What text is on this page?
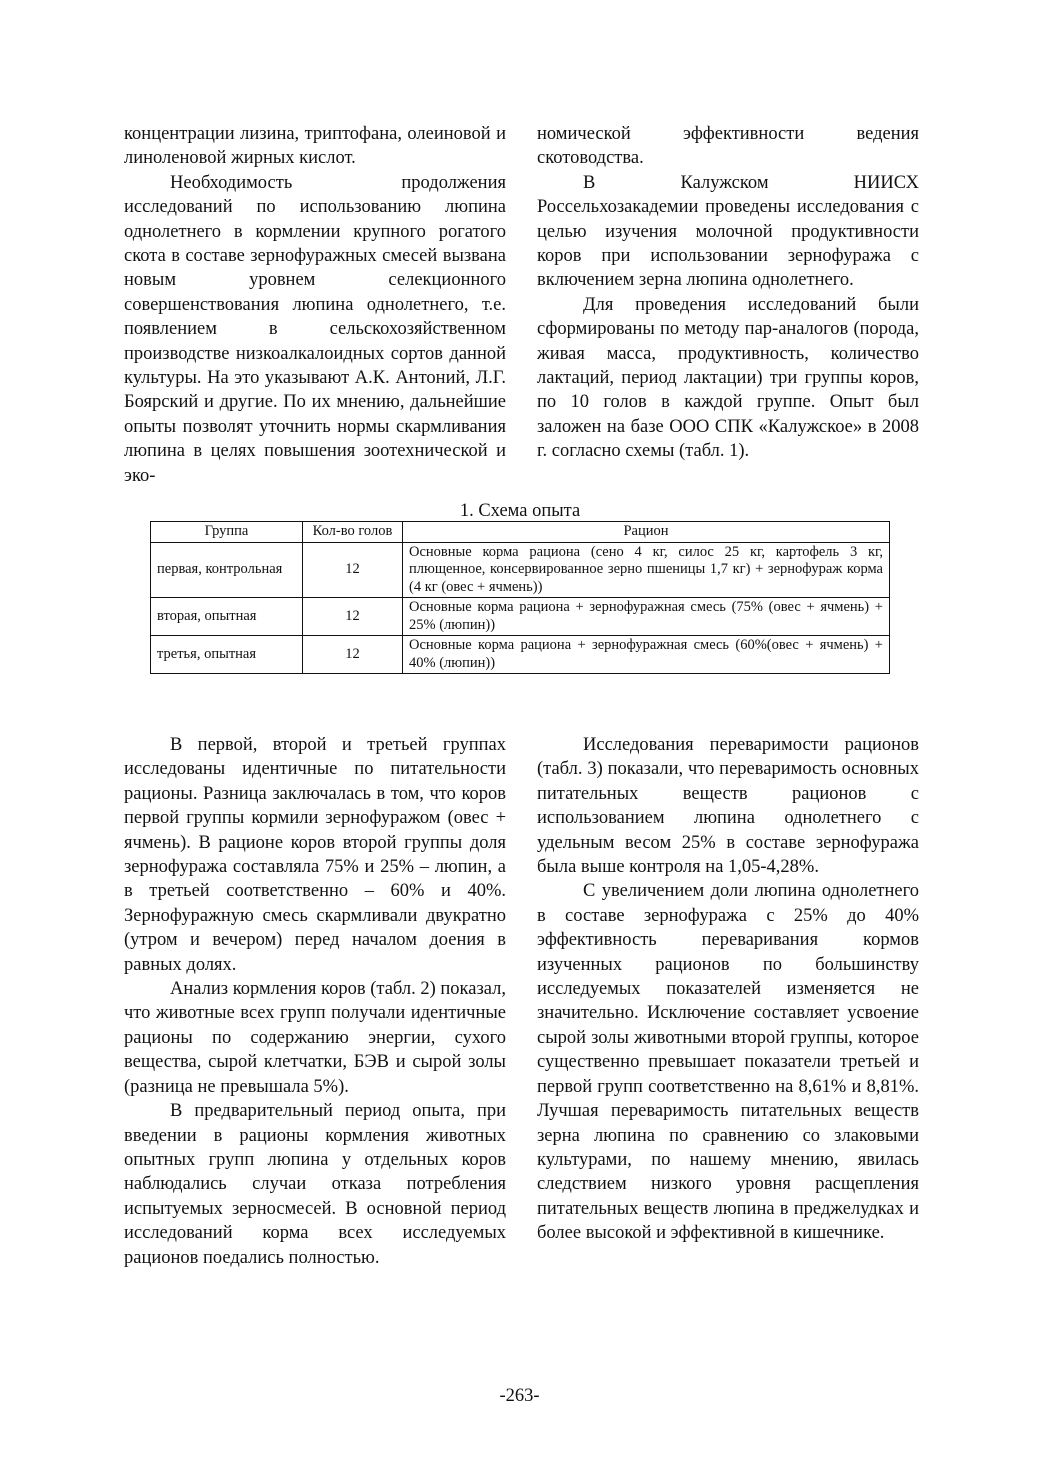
концентрации лизина, триптофана, олеиновой и линоленовой жирных кислот.

Необходимость продолжения исследований по использованию люпина однолетнего в кормлении крупного рогатого скота в составе зернофуражных смесей вызвана новым уровнем селекционного совершенствования люпина однолетнего, т.е. появлением в сельскохозяйственном производстве низкоалкалоидных сортов данной культуры. На это указывают А.К. Антоний, Л.Г. Боярский и другие. По их мнению, дальнейшие опыты позволят уточнить нормы скармливания люпина в целях повышения зоотехнической и эко-

номической эффективности ведения скотоводства.

В Калужском НИИСХ Россельхозакадемии проведены исследования с целью изучения молочной продуктивности коров при использовании зернофуража с включением зерна люпина однолетнего.

Для проведения исследований были сформированы по методу пар-аналогов (порода, живая масса, продуктивность, количество лактаций, период лактации) три группы коров, по 10 голов в каждой группе. Опыт был заложен на базе ООО СПК «Калужское» в 2008 г. согласно схемы (табл. 1).

1. Схема опыта
Группа	Кол-во голов	Рацион
первая, контрольная	12	Основные корма рациона (сено 4 кг, силос 25 кг, картофель 3 кг, плющенное, консервированное зерно пшеницы 1,7 кг) + зернофураж корма (4 кг (овес + ячмень))
вторая, опытная	12	Основные корма рациона + зернофуражная смесь (75% (овес + ячмень) + 25% (люпин))
третья, опытная	12	Основные корма рациона + зернофуражная смесь (60%(овес + ячмень) + 40% (люпин))

В первой, второй и третьей группах исследованы идентичные по питательности рационы. Разница заключалась в том, что коров первой группы кормили зернофуражом (овес + ячмень). В рационе коров второй группы доля зернофуража составляла 75% и 25% – люпин, а в третьей соответственно – 60% и 40%. Зернофуражную смесь скармливали двукратно (утром и вечером) перед началом доения в равных долях.

Анализ кормления коров (табл. 2) показал, что животные всех групп получали идентичные рационы по содержанию энергии, сухого вещества, сырой клетчатки, БЭВ и сырой золы (разница не превышала 5%).

В предварительный период опыта, при введении в рационы кормления животных опытных групп люпина у отдельных коров наблюдались случаи отказа потребления испытуемых зерносмесей. В основной период исследований корма всех исследуемых рационов поедались полностью.

Исследования переваримости рационов (табл. 3) показали, что переваримость основных питательных веществ рационов с использованием люпина однолетнего с удельным весом 25% в составе зернофуража была выше контроля на 1,05-4,28%.

С увеличением доли люпина однолетнего в составе зернофуража с 25% до 40% эффективность переваривания кормов изученных рационов по большинству исследуемых показателей изменяется не значительно. Исключение составляет усвоение сырой золы животными второй группы, которое существенно превышает показатели третьей и первой групп соответственно на 8,61% и 8,81%. Лучшая переваримость питательных веществ зерна люпина по сравнению со злаковыми культурами, по нашему мнению, явилась следствием низкого уровня расщепления питательных веществ люпина в преджелудках и более высокой и эффективной в кишечнике.

-263-
